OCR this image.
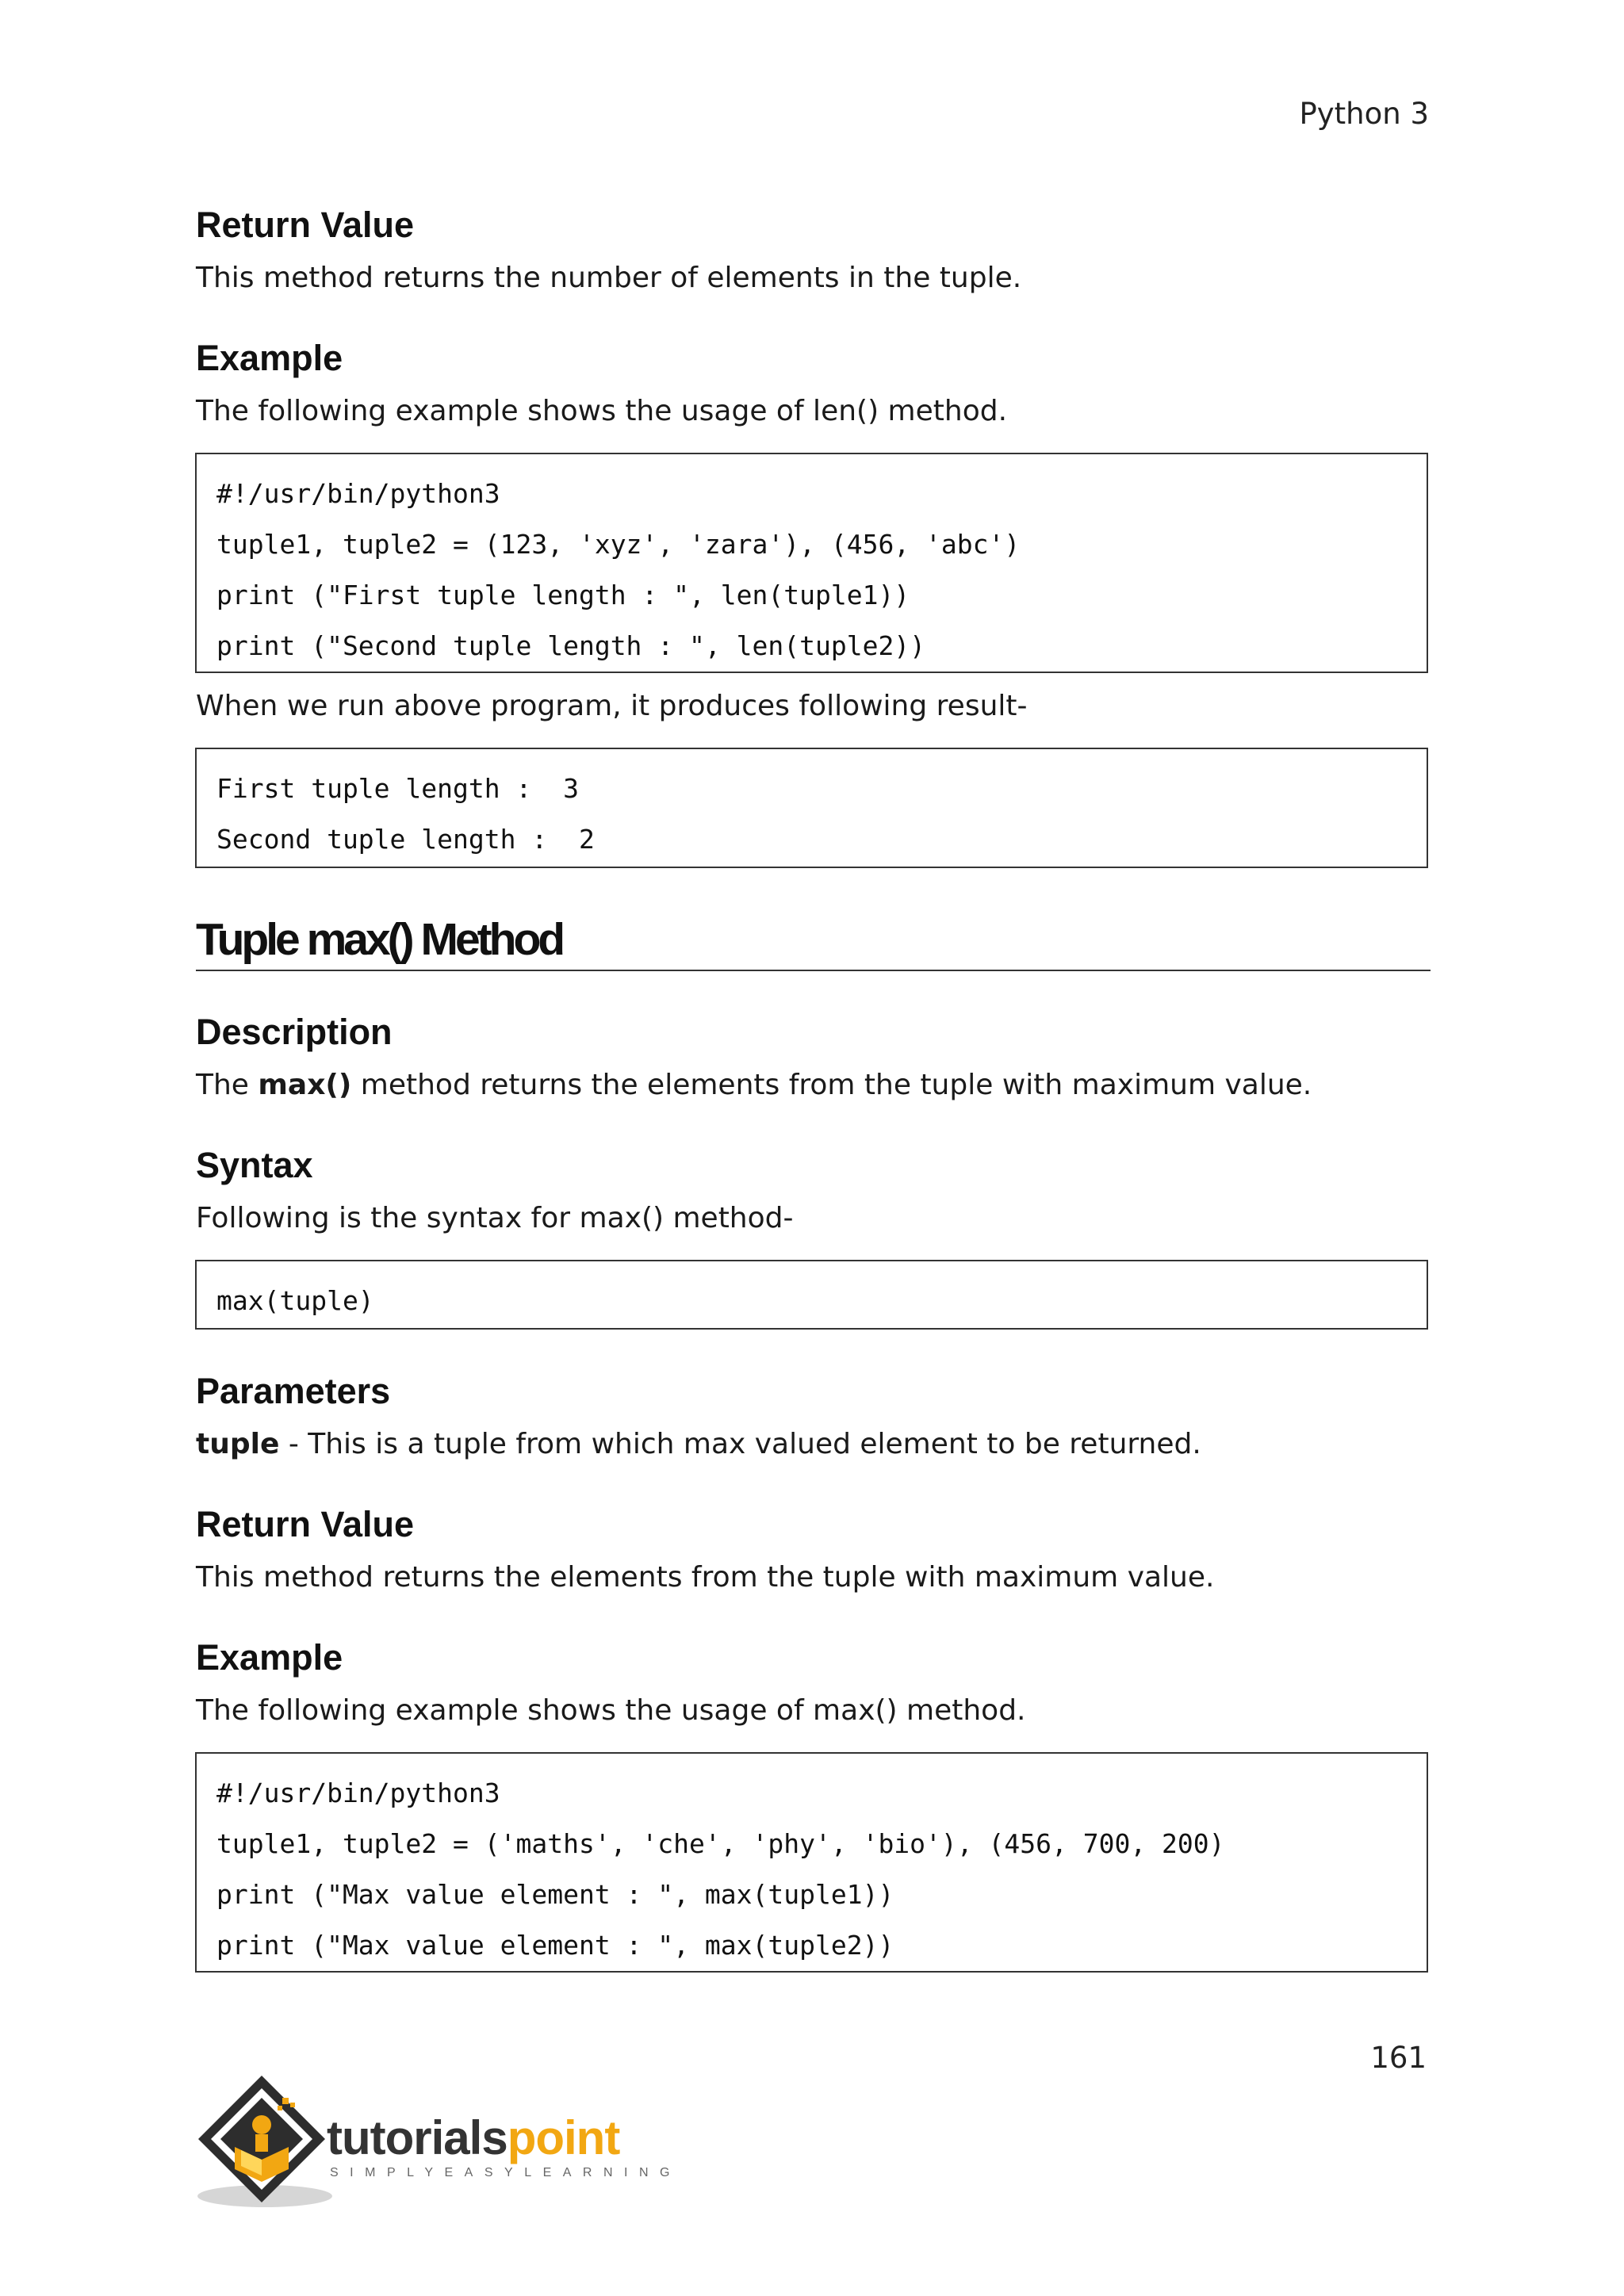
Python 3
Return Value
This method returns the number of elements in the tuple.
Example
The following example shows the usage of len() method.
#!/usr/bin/python3
tuple1, tuple2 = (123, 'xyz', 'zara'), (456, 'abc')
print ("First tuple length : ", len(tuple1))
print ("Second tuple length : ", len(tuple2))
When we run above program, it produces following result-
First tuple length :  3
Second tuple length :  2
Tuple max() Method
Description
The max() method returns the elements from the tuple with maximum value.
Syntax
Following is the syntax for max() method-
max(tuple)
Parameters
tuple - This is a tuple from which max valued element to be returned.
Return Value
This method returns the elements from the tuple with maximum value.
Example
The following example shows the usage of max() method.
#!/usr/bin/python3
tuple1, tuple2 = ('maths', 'che', 'phy', 'bio'), (456, 700, 200)
print ("Max value element : ", max(tuple1))
print ("Max value element : ", max(tuple2))
161
tutorialspoint
SIMPLYEASYLEARNING
